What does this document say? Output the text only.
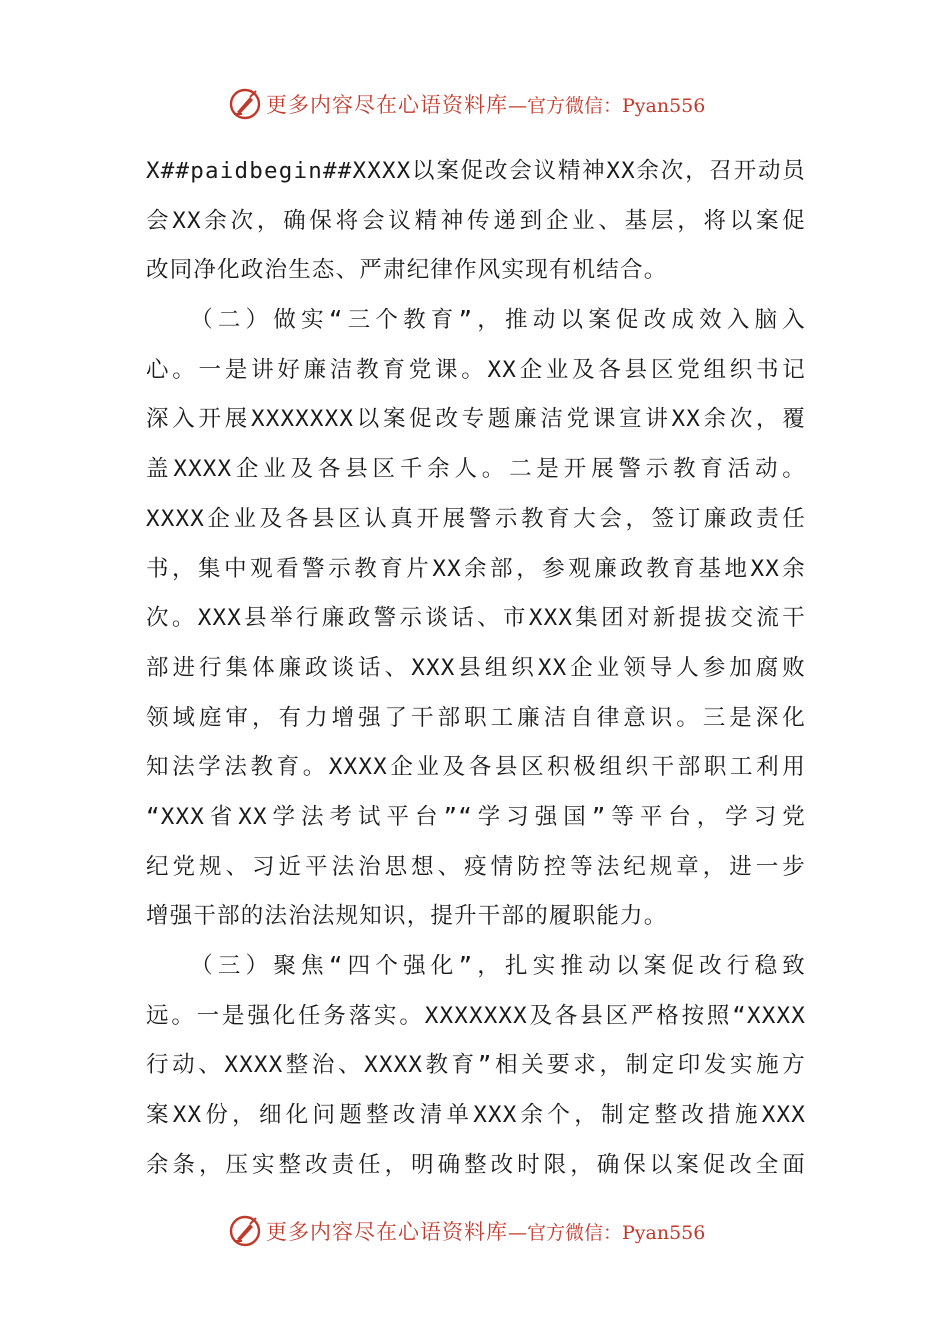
更多内容尽在心语资料库 —官方微信：Pyan556
X##paidbegin##XXXX以案促改会议精神XX余次，召开动员
会XX余次，确保将会议精神传递到企业、基层，将以案促
改同净化政治生态、严肃纪律作风实现有机结合。
　　（二）做实“三个教育”，推动以案促改成效入脑入
心。一是讲好廉洁教育党课。XX企业及各县区党组织书记
深入开展XXXXXXX以案促改专题廉洁党课宣讲XX余次，覆
盖XXXX企业及各县区千余人。二是开展警示教育活动。
XXXX企业及各县区认真开展警示教育大会，签订廉政责任
书，集中观看警示教育片XX余部，参观廉政教育基地XX余
次。XXX县举行廉政警示谈话、市XXX集团对新提拔交流干
部进行集体廉政谈话、XXX县组织XX企业领导人参加腐败
领域庭审，有力增强了干部职工廉洁自律意识。三是深化
知法学法教育。XXXX企业及各县区积极组织干部职工利用
“XXX省XX学法考试平台”“学习强国”等平台，学习党
纪党规、习近平法治思想、疫情防控等法纪规章，进一步
增强干部的法治法规知识，提升干部的履职能力。
　　（三）聚焦“四个强化”，扎实推动以案促改行稳致
远。一是强化任务落实。XXXXXXX及各县区严格按照“XXXX
行动、XXXX整治、XXXX教育”相关要求，制定印发实施方
案XX份，细化问题整改清单XXX余个，制定整改措施XXX
余条，压实整改责任，明确整改时限，确保以案促改全面
更多内容尽在心语资料库 —官方微信：Pyan556
